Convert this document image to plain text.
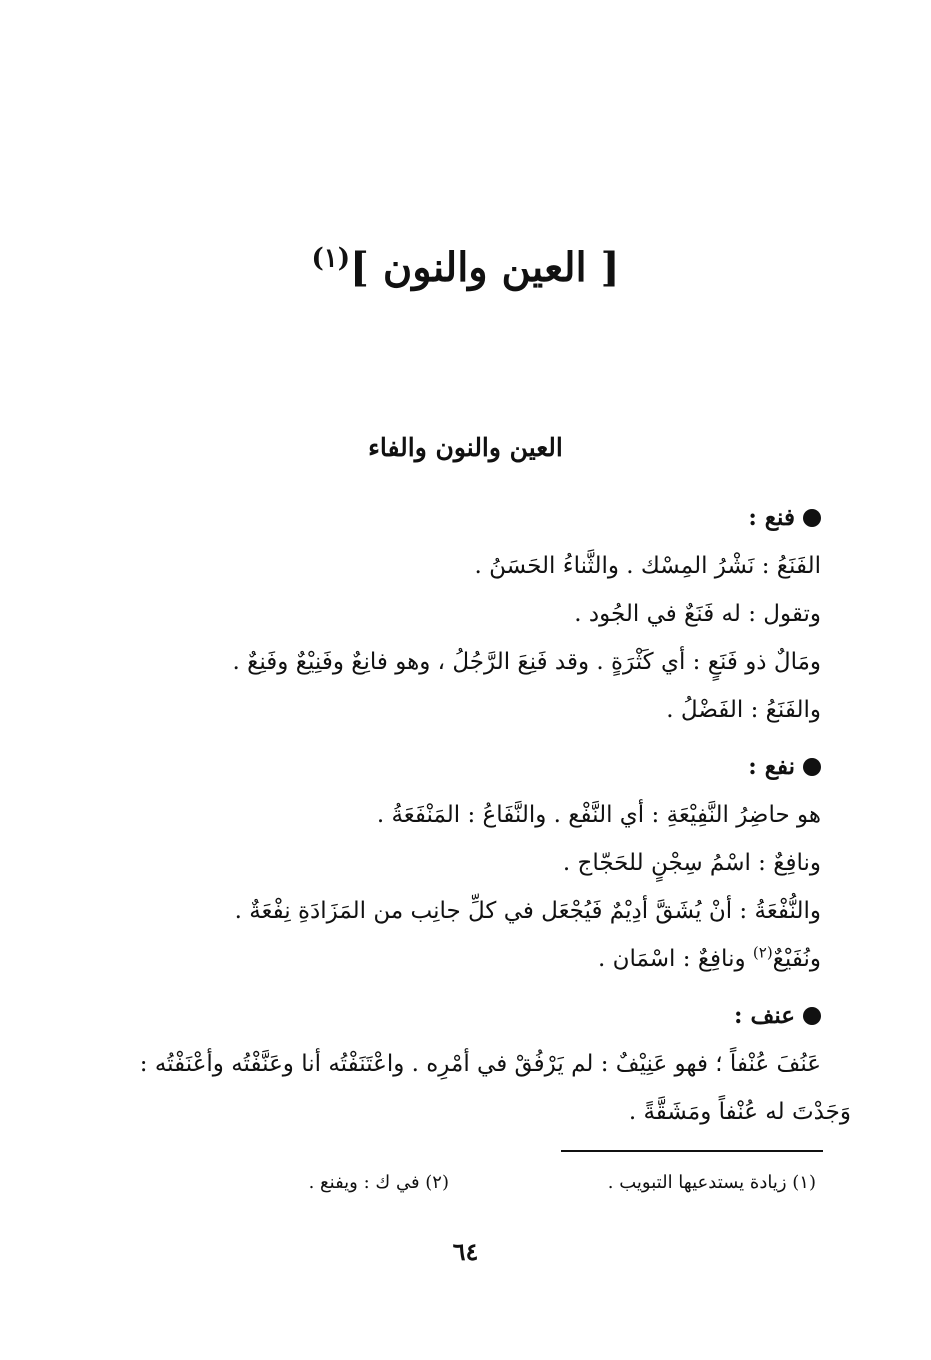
[ العين والنون ]$^{(١)}$
العين والنون والفاء
فنع :
الفَنَعُ : نَشْرُ المِسْك . والثَّناءُ الحَسَنُ .
وتقول : له فَنَعٌ في الجُود .
ومَالٌ ذو فَنَعٍ : أي كَثْرَةٍ . وقد فَنِعَ الرَّجُلُ ، وهو فانِعٌ وفَنِيْعٌ وفَنِعٌ .
والفَنَعُ : الفَضْلُ .
نفع :
هو حاضِرُ النَّفِيْعَةِ : أي النَّفْع . والنَّفَاعُ : المَنْفَعَةُ .
ونافِعٌ : اسْمُ سِجْنٍ للحَجّاج .
والنُّفْعَةُ : أنْ يُشَقَّ أدِيْمٌ فَيُجْعَل في كلِّ جانِب من المَزَادَةِ نِفْعَةٌ .
ونُفَيْعٌ$^{(٢)}$ ونافِعٌ : اسْمَان .
عنف :
عَنُفَ عُنْفاً ؛ فهو عَنِيْفٌ : لم يَرْفُقْ في أمْرِه . واعْتَنَفْتُه أنا وعَنَّفْتُه وأعْنَفْتُه :
وَجَدْتَ له عُنْفاً ومَشَقَّةً .

(١) زيادة يستدعيها التبويب .

(٢) في ك : ويفنع .

٦٤
